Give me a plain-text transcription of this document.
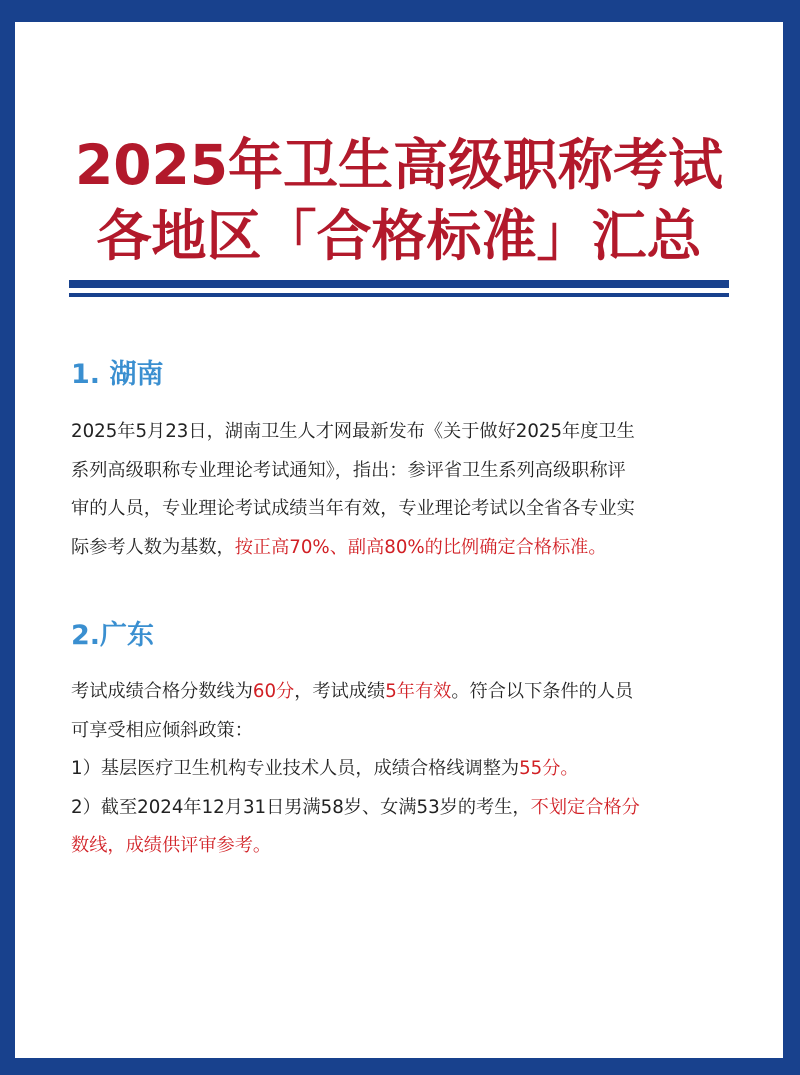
2025年卫生高级职称考试
各地区「合格标准」汇总
1. 湖南
2025年5月23日，湖南卫生人才网最新发布《关于做好2025年度卫生
系列高级职称专业理论考试通知》，指出：参评省卫生系列高级职称评
审的人员，专业理论考试成绩当年有效，专业理论考试以全省各专业实
际参考人数为基数，按正高70%、副高80%的比例确定合格标准。
2.广东
考试成绩合格分数线为60分，考试成绩5年有效。符合以下条件的人员
可享受相应倾斜政策：
1）基层医疗卫生机构专业技术人员，成绩合格线调整为55分。
2）截至2024年12月31日男满58岁、女满53岁的考生，不划定合格分
数线，成绩供评审参考。
